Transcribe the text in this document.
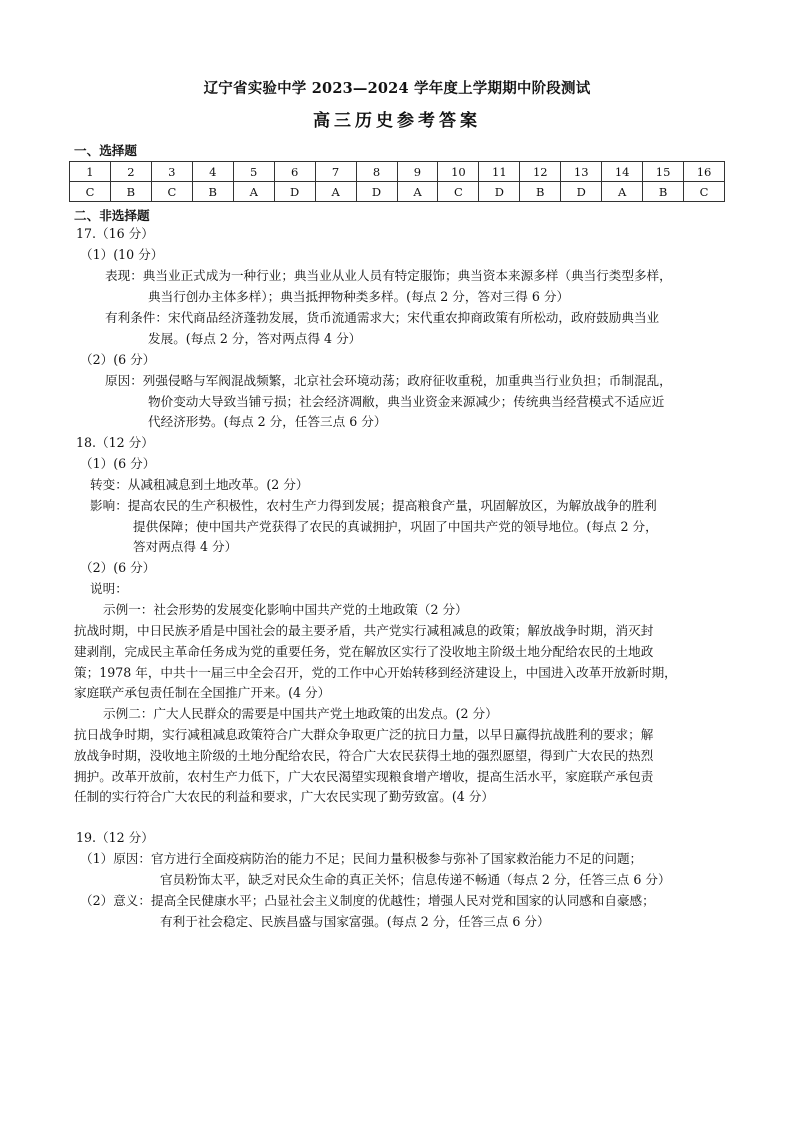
辽宁省实验中学 2023—2024 学年度上学期期中阶段测试
高三历史参考答案
一、选择题
1	2	3	4	5	6	7	8	9	10	11	12	13	14	15	16
C	B	C	B	A	D	A	D	A	C	D	B	D	A	B	C
二、非选择题
17.（16 分）
（1）(10 分）
表现：典当业正式成为一种行业；典当业从业人员有特定服饰；典当资本来源多样（典当行类型多样，
典当行创办主体多样）；典当抵押物种类多样。(每点 2 分，答对三得 6 分）
有利条件：宋代商品经济蓬勃发展，货币流通需求大；宋代重农抑商政策有所松动，政府鼓励典当业
发展。(每点 2 分，答对两点得 4 分）
（2）(6 分）
原因：列强侵略与军阀混战频繁，北京社会环境动荡；政府征收重税，加重典当行业负担；币制混乱，
物价变动大导致当铺亏损；社会经济凋敝，典当业资金来源减少；传统典当经营模式不适应近
代经济形势。(每点 2 分，任答三点 6 分）
18.（12 分）
（1）(6 分）
转变：从减租减息到土地改革。(2 分）
影响：提高农民的生产积极性，农村生产力得到发展；提高粮食产量，巩固解放区，为解放战争的胜利
提供保障；使中国共产党获得了农民的真诚拥护，巩固了中国共产党的领导地位。(每点 2 分，
答对两点得 4 分）
（2）(6 分）
说明：
示例一：社会形势的发展变化影响中国共产党的土地政策（2 分）
抗战时期，中日民族矛盾是中国社会的最主要矛盾，共产党实行减租减息的政策；解放战争时期，消灭封
建剥削，完成民主革命任务成为党的重要任务，党在解放区实行了没收地主阶级土地分配给农民的土地政
策；1978 年，中共十一届三中全会召开，党的工作中心开始转移到经济建设上，中国进入改革开放新时期，
家庭联产承包责任制在全国推广开来。(4 分）
示例二：广大人民群众的需要是中国共产党土地政策的出发点。(2 分）
抗日战争时期，实行减租减息政策符合广大群众争取更广泛的抗日力量，以早日赢得抗战胜利的要求；解
放战争时期，没收地主阶级的土地分配给农民，符合广大农民获得土地的强烈愿望，得到广大农民的热烈
拥护。改革开放前，农村生产力低下，广大农民渴望实现粮食增产增收，提高生活水平，家庭联产承包责
任制的实行符合广大农民的利益和要求，广大农民实现了勤劳致富。(4 分）
19.（12 分）
（1）原因：官方进行全面疫病防治的能力不足；民间力量积极参与弥补了国家救治能力不足的问题；
官员粉饰太平，缺乏对民众生命的真正关怀；信息传递不畅通（每点 2 分，任答三点 6 分）
（2）意义：提高全民健康水平；凸显社会主义制度的优越性；增强人民对党和国家的认同感和自豪感；
有利于社会稳定、民族昌盛与国家富强。(每点 2 分，任答三点 6 分）
